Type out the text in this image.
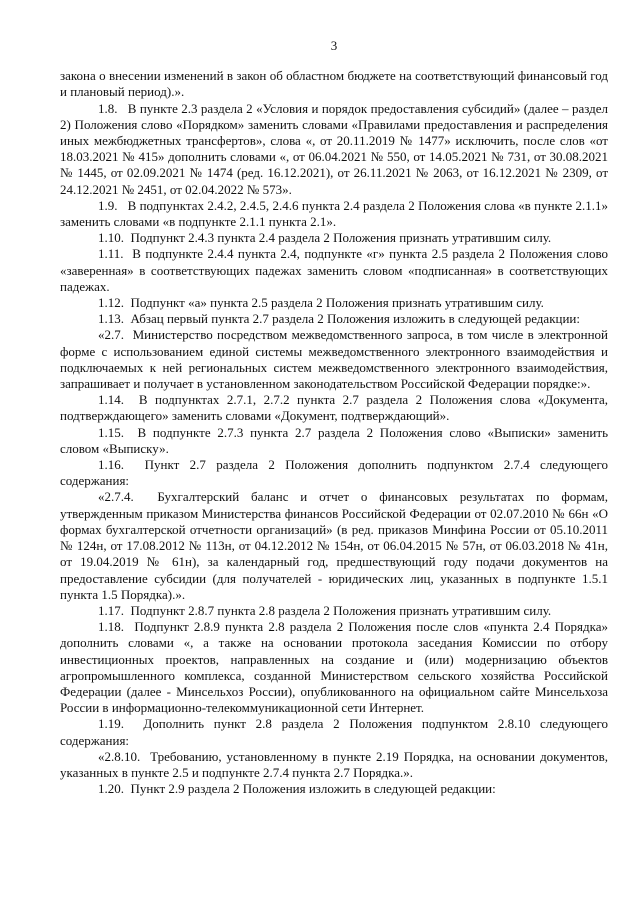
3

закона о внесении изменений в закон об областном бюджете на соответствующий финансовый год и плановый период).».

1.8.   В пункте 2.3 раздела 2 «Условия и порядок предоставления субсидий» (далее – раздел 2) Положения слово «Порядком» заменить словами «Правилами предоставления и распределения иных межбюджетных трансфертов», слова «, от 20.11.2019 № 1477» исключить, после слов «от 18.03.2021 № 415» дополнить словами «, от 06.04.2021 № 550, от 14.05.2021 № 731, от 30.08.2021 № 1445, от 02.09.2021 № 1474 (ред. 16.12.2021), от 26.11.2021 № 2063, от 16.12.2021 № 2309, от 24.12.2021 № 2451, от 02.04.2022 № 573».

1.9.   В подпунктах 2.4.2, 2.4.5, 2.4.6 пункта 2.4 раздела 2 Положения слова «в пункте 2.1.1» заменить словами «в подпункте 2.1.1 пункта 2.1».

1.10.  Подпункт 2.4.3 пункта 2.4 раздела 2 Положения признать утратившим силу.

1.11.  В подпункте 2.4.4 пункта 2.4, подпункте «г» пункта 2.5 раздела 2 Положения слово «заверенная» в соответствующих падежах заменить словом «подписанная» в соответствующих падежах.

1.12.  Подпункт «а» пункта 2.5 раздела 2 Положения признать утратившим силу.

1.13.  Абзац первый пункта 2.7 раздела 2 Положения изложить в следующей редакции:

«2.7.  Министерство посредством межведомственного запроса, в том числе в электронной форме с использованием единой системы межведомственного электронного взаимодействия и подключаемых к ней региональных систем межведомственного электронного взаимодействия, запрашивает и получает в установленном законодательством Российской Федерации порядке:».

1.14.  В подпунктах 2.7.1, 2.7.2 пункта 2.7 раздела 2 Положения слова «Документа, подтверждающего» заменить словами «Документ, подтверждающий».

1.15.  В подпункте 2.7.3 пункта 2.7 раздела 2 Положения слово «Выписки» заменить словом «Выписку».

1.16.  Пункт 2.7 раздела 2 Положения дополнить подпунктом 2.7.4 следующего содержания:

«2.7.4.  Бухгалтерский баланс и отчет о финансовых результатах по формам, утвержденным приказом Министерства финансов Российской Федерации от 02.07.2010 № 66н «О формах бухгалтерской отчетности организаций» (в ред. приказов Минфина России от 05.10.2011 № 124н, от 17.08.2012 № 113н, от 04.12.2012 № 154н, от 06.04.2015 № 57н, от 06.03.2018 № 41н, от 19.04.2019 № 61н), за календарный год, предшествующий году подачи документов на предоставление субсидии (для получателей - юридических лиц, указанных в подпункте 1.5.1 пункта 1.5 Порядка).».

1.17.  Подпункт 2.8.7 пункта 2.8 раздела 2 Положения признать утратившим силу.

1.18.  Подпункт 2.8.9 пункта 2.8 раздела 2 Положения после слов «пункта 2.4 Порядка» дополнить словами «, а также на основании протокола заседания Комиссии по отбору инвестиционных проектов, направленных на создание и (или) модернизацию объектов агропромышленного комплекса, созданной Министерством сельского хозяйства Российской Федерации (далее - Минсельхоз России), опубликованного на официальном сайте Минсельхоза России в информационно-телекоммуникационной сети Интернет.

1.19.  Дополнить пункт 2.8 раздела 2 Положения подпунктом 2.8.10 следующего содержания:

«2.8.10.  Требованию, установленному в пункте 2.19 Порядка, на основании документов, указанных в пункте 2.5 и подпункте 2.7.4 пункта 2.7 Порядка.».

1.20.  Пункт 2.9 раздела 2 Положения изложить в следующей редакции:
